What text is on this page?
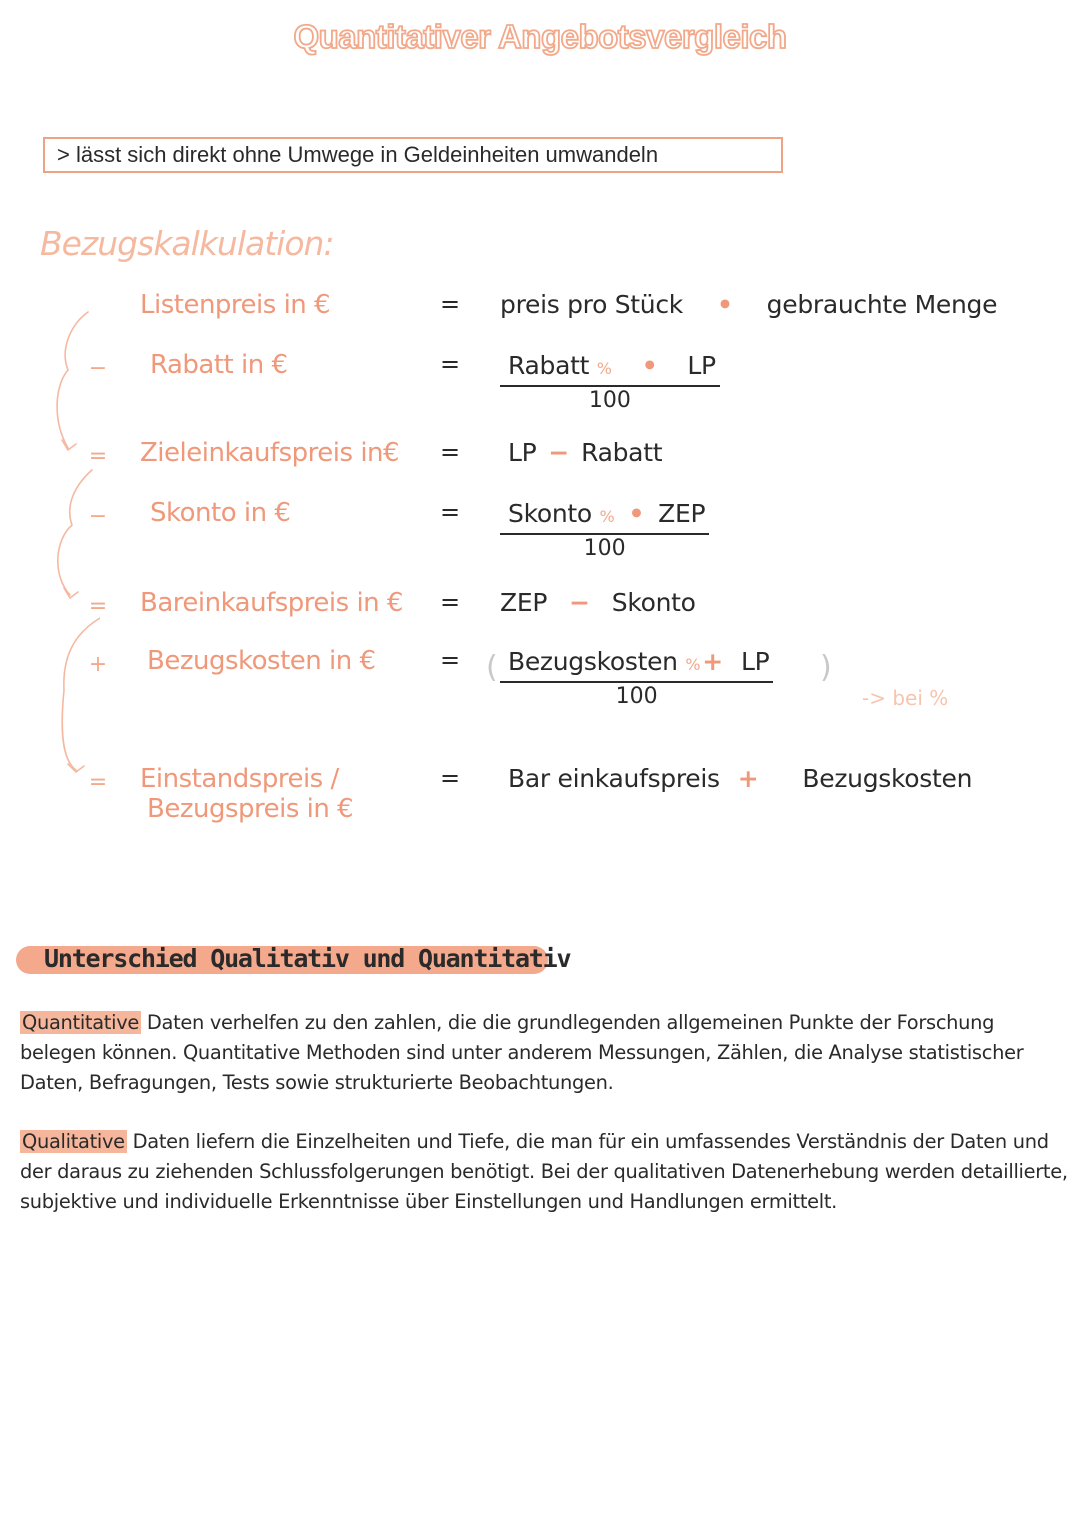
Quantitativer Angebotsvergleich
> lässt sich direkt ohne Umwege in Geldeinheiten umwandeln
Bezugskalkulation:
Listenpreis in €	= preis pro Stück • gebrauchte Menge
− Rabatt in €	=	Rabatt % • LP
100
= Zieleinkaufspreis in€ = LP − Rabatt
− Skonto in €	=	Skonto % • ZEP
100
= Bareinkaufspreis in € = ZEP − Skonto
+ Bezugskosten in €	= ( Bezugskosten %+ LP
100
)
-> bei %
= Einstandspreis /
Bezugspreis in €
= Bar einkaufspreis + Bezugskosten
Unterschied Qualitativ und Quantitativ
Quantitative Daten verhelfen zu den zahlen, die die grundlegenden allgemeinen Punkte der Forschung belegen können. Quantitative Methoden sind unter anderem Messungen, Zählen, die Analyse statistischer Daten, Befragungen, Tests sowie strukturierte Beobachtungen.
Qualitative Daten liefern die Einzelheiten und Tiefe, die man für ein umfassendes Verständnis der Daten und der daraus zu ziehenden Schlussfolgerungen benötigt. Bei der qualitativen Datenerhebung werden detaillierte, subjektive und individuelle Erkenntnisse über Einstellungen und Handlungen ermittelt.
